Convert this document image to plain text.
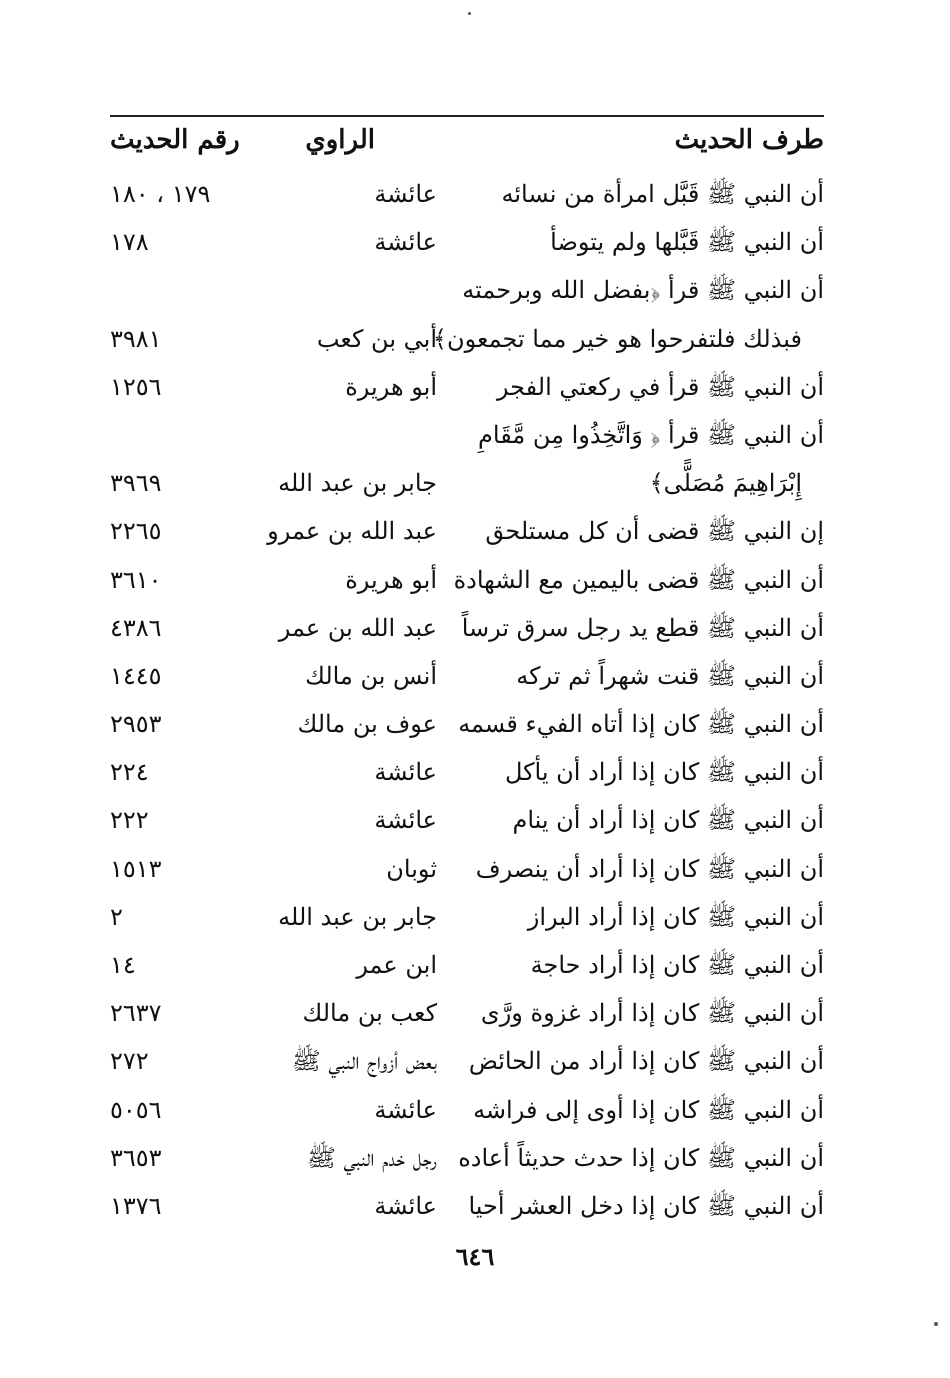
طرف الحديث
الراوي
رقم الحديث
أن النبي ﷺ قَبَّل امرأة من نسائه
عائشة
١٧٩ ، ١٨٠
أن النبي ﷺ قَبَّلها ولم يتوضأ
عائشة
١٧٨
أن النبي ﷺ قرأ ﴿بفضل الله وبرحمته
فبذلك فلتفرحوا هو خير مما تجمعون﴾
أبي بن كعب
٣٩٨١
أن النبي ﷺ قرأ في ركعتي الفجر
أبو هريرة
١٢٥٦
أن النبي ﷺ قرأ ﴿ وَاتَّخِذُوا مِن مَّقَامِ
إِبْرَاهِيمَ مُصَلًّى﴾
جابر بن عبد الله
٣٩٦٩
إن النبي ﷺ قضى أن كل مستلحق
عبد الله بن عمرو
٢٢٦٥
أن النبي ﷺ قضى باليمين مع الشهادة
أبو هريرة
٣٦١٠
أن النبي ﷺ قطع يد رجل سرق ترساً
عبد الله بن عمر
٤٣٨٦
أن النبي ﷺ قنت شهراً ثم تركه
أنس بن مالك
١٤٤٥
أن النبي ﷺ كان إذا أتاه الفيء قسمه
عوف بن مالك
٢٩٥٣
أن النبي ﷺ كان إذا أراد أن يأكل
عائشة
٢٢٤
أن النبي ﷺ كان إذا أراد أن ينام
عائشة
٢٢٢
أن النبي ﷺ كان إذا أراد أن ينصرف
ثوبان
١٥١٣
أن النبي ﷺ كان إذا أراد البراز
جابر بن عبد الله
٢
أن النبي ﷺ كان إذا أراد حاجة
ابن عمر
١٤
أن النبي ﷺ كان إذا أراد غزوة ورَّى
كعب بن مالك
٢٦٣٧
أن النبي ﷺ كان إذا أراد من الحائض
بعض أزواج النبي ﷺ
٢٧٢
أن النبي ﷺ كان إذا أوى إلى فراشه
عائشة
٥٠٥٦
أن النبي ﷺ كان إذا حدث حديثاً أعاده
رجل خدم النبي ﷺ
٣٦٥٣
أن النبي ﷺ كان إذا دخل العشر أحيا
عائشة
١٣٧٦
٦٤٦
